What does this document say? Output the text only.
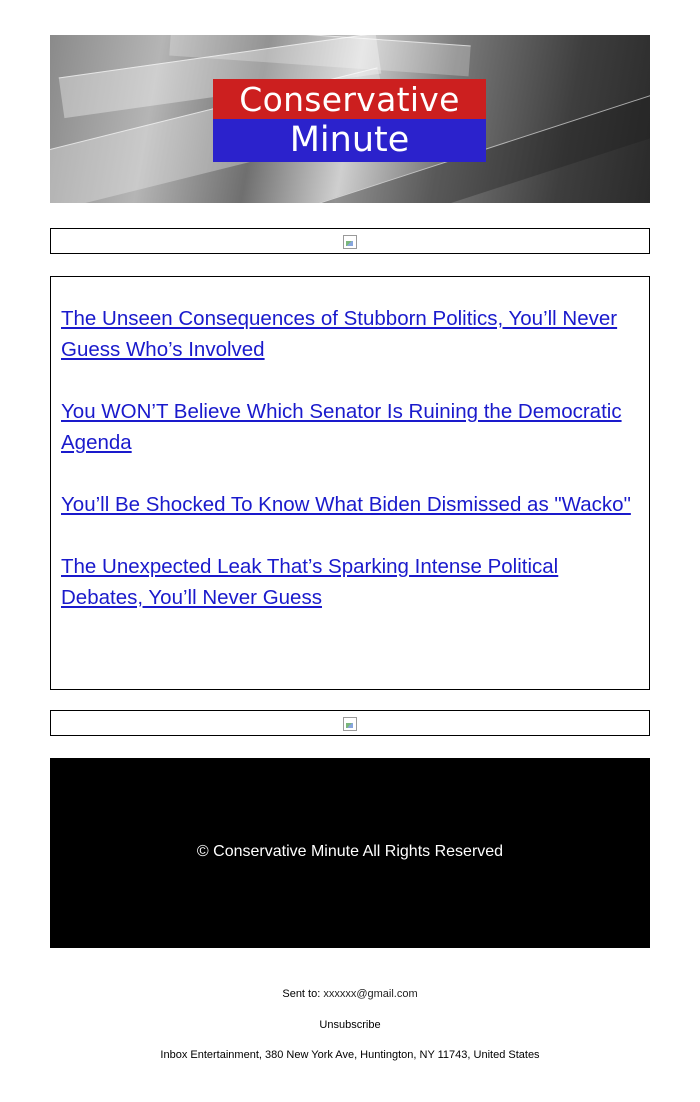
Conservative
Minute
The Unseen Consequences of Stubborn Politics, You’ll Never Guess Who’s Involved
You WON’T Believe Which Senator Is Ruining the Democratic Agenda
You’ll Be Shocked To Know What Biden Dismissed as "Wacko"
The Unexpected Leak That’s Sparking Intense Political Debates, You’ll Never Guess
© Conservative Minute All Rights Reserved
Sent to: xxxxxx@gmail.com
Unsubscribe
Inbox Entertainment, 380 New York Ave, Huntington, NY 11743, United States
